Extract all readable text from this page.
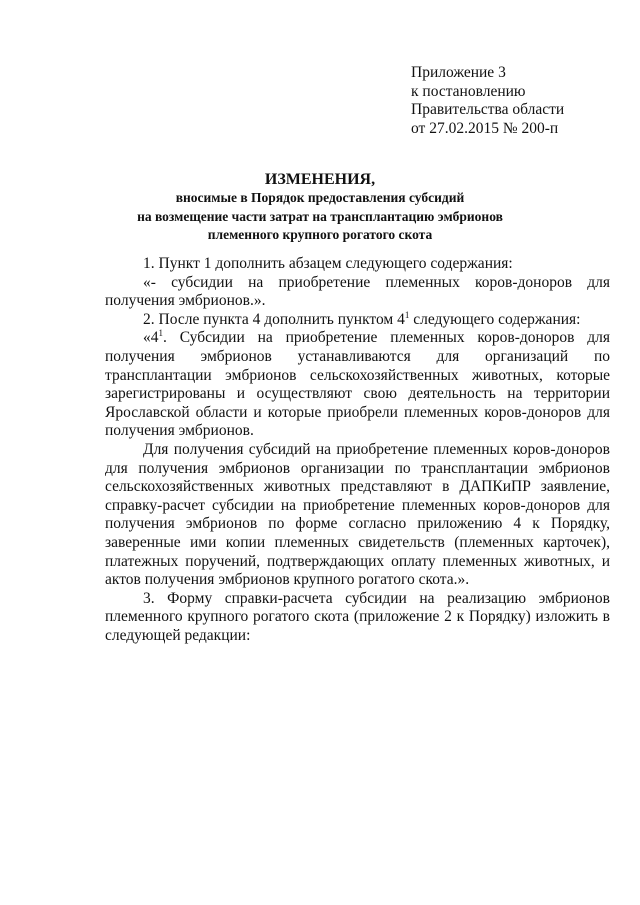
Приложение 3
к постановлению
Правительства области
от 27.02.2015 № 200-п
ИЗМЕНЕНИЯ,
вносимые в Порядок предоставления субсидий
на возмещение части затрат на трансплантацию эмбрионов
племенного крупного рогатого скота

1. Пункт 1 дополнить абзацем следующего содержания:

«- субсидии на приобретение племенных коров-доноров для получения эмбрионов.».

2. После пункта 4 дополнить пунктом $4^1$ следующего содержания:

«$4^1$. Субсидии на приобретение племенных коров-доноров для получения эмбрионов устанавливаются для организаций по трансплантации эмбрионов сельскохозяйственных животных, которые зарегистрированы и осуществляют свою деятельность на территории Ярославской области и которые приобрели племенных коров-доноров для получения эмбрионов.

Для получения субсидий на приобретение племенных коров-доноров для получения эмбрионов организации по трансплантации эмбрионов сельскохозяйственных животных представляют в ДАПКиПР заявление, справку-расчет субсидии на приобретение племенных коров-доноров для получения эмбрионов по форме согласно приложению 4 к Порядку, заверенные ими копии племенных свидетельств (племенных карточек), платежных поручений, подтверждающих оплату племенных животных, и актов получения эмбрионов крупного рогатого скота.».

3. Форму справки-расчета субсидии на реализацию эмбрионов племенного крупного рогатого скота (приложение 2 к Порядку) изложить в следующей редакции:
